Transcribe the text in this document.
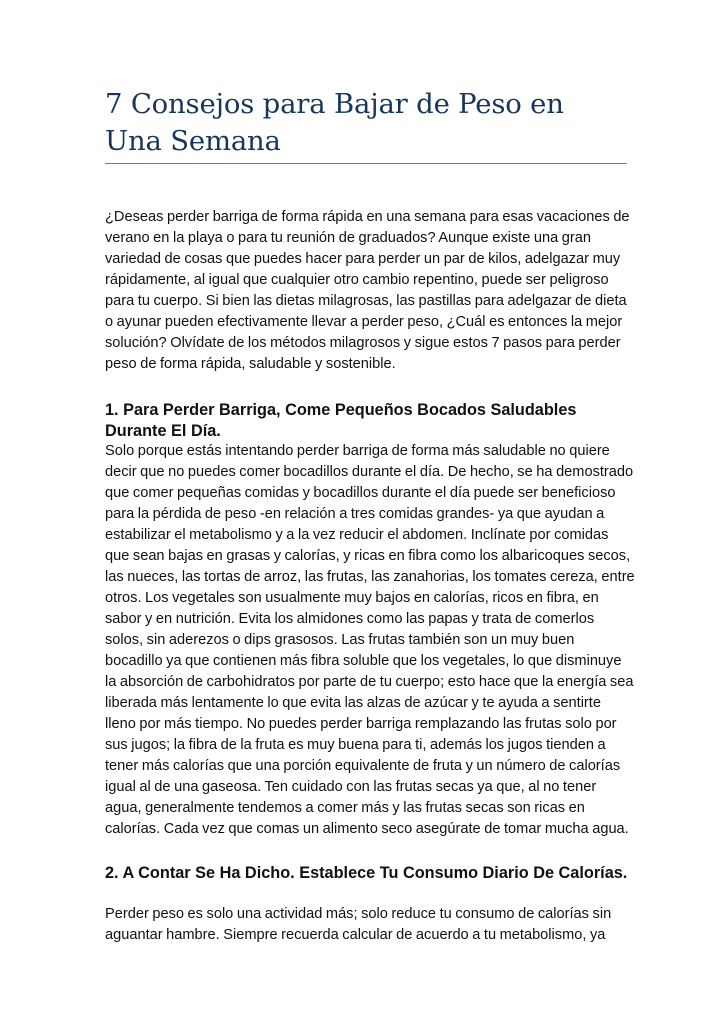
7 Consejos para Bajar de Peso en Una Semana

¿Deseas perder barriga de forma rápida en una semana para esas vacaciones de verano en la playa o para tu reunión de graduados? Aunque existe una gran variedad de cosas que puedes hacer para perder un par de kilos, adelgazar muy rápidamente, al igual que cualquier otro cambio repentino, puede ser peligroso para tu cuerpo. Si bien las dietas milagrosas, las pastillas para adelgazar de dieta o ayunar pueden efectivamente llevar a perder peso, ¿Cuál es entonces la mejor solución? Olvídate de los métodos milagrosos y sigue estos 7 pasos para perder peso de forma rápida, saludable y sostenible.

1. Para Perder Barriga, Come Pequeños Bocados Saludables Durante El Día.

Solo porque estás intentando perder barriga de forma más saludable no quiere decir que no puedes comer bocadillos durante el día. De hecho, se ha demostrado que comer pequeñas comidas y bocadillos durante el día puede ser beneficioso para la pérdida de peso -en relación a tres comidas grandes- ya que ayudan a estabilizar el metabolismo y a la vez reducir el abdomen. Inclínate por comidas que sean bajas en grasas y calorías, y ricas en fibra como los albaricoques secos, las nueces, las tortas de arroz, las frutas, las zanahorias, los tomates cereza, entre otros. Los vegetales son usualmente muy bajos en calorías, ricos en fibra, en sabor y en nutrición. Evita los almidones como las papas y trata de comerlos solos, sin aderezos o dips grasosos. Las frutas también son un muy buen bocadillo ya que contienen más fibra soluble que los vegetales, lo que disminuye la absorción de carbohidratos por parte de tu cuerpo; esto hace que la energía sea liberada más lentamente lo que evita las alzas de azúcar y te ayuda a sentirte lleno por más tiempo. No puedes perder barriga remplazando las frutas solo por sus jugos; la fibra de la fruta es muy buena para ti, además los jugos tienden a tener más calorías que una porción equivalente de fruta y un número de calorías igual al de una gaseosa. Ten cuidado con las frutas secas ya que, al no tener agua, generalmente tendemos a comer más y las frutas secas son ricas en calorías. Cada vez que comas un alimento seco asegúrate de tomar mucha agua.

2. A Contar Se Ha Dicho. Establece Tu Consumo Diario De Calorías.

Perder peso es solo una actividad más; solo reduce tu consumo de calorías sin aguantar hambre. Siempre recuerda calcular de acuerdo a tu metabolismo, ya
